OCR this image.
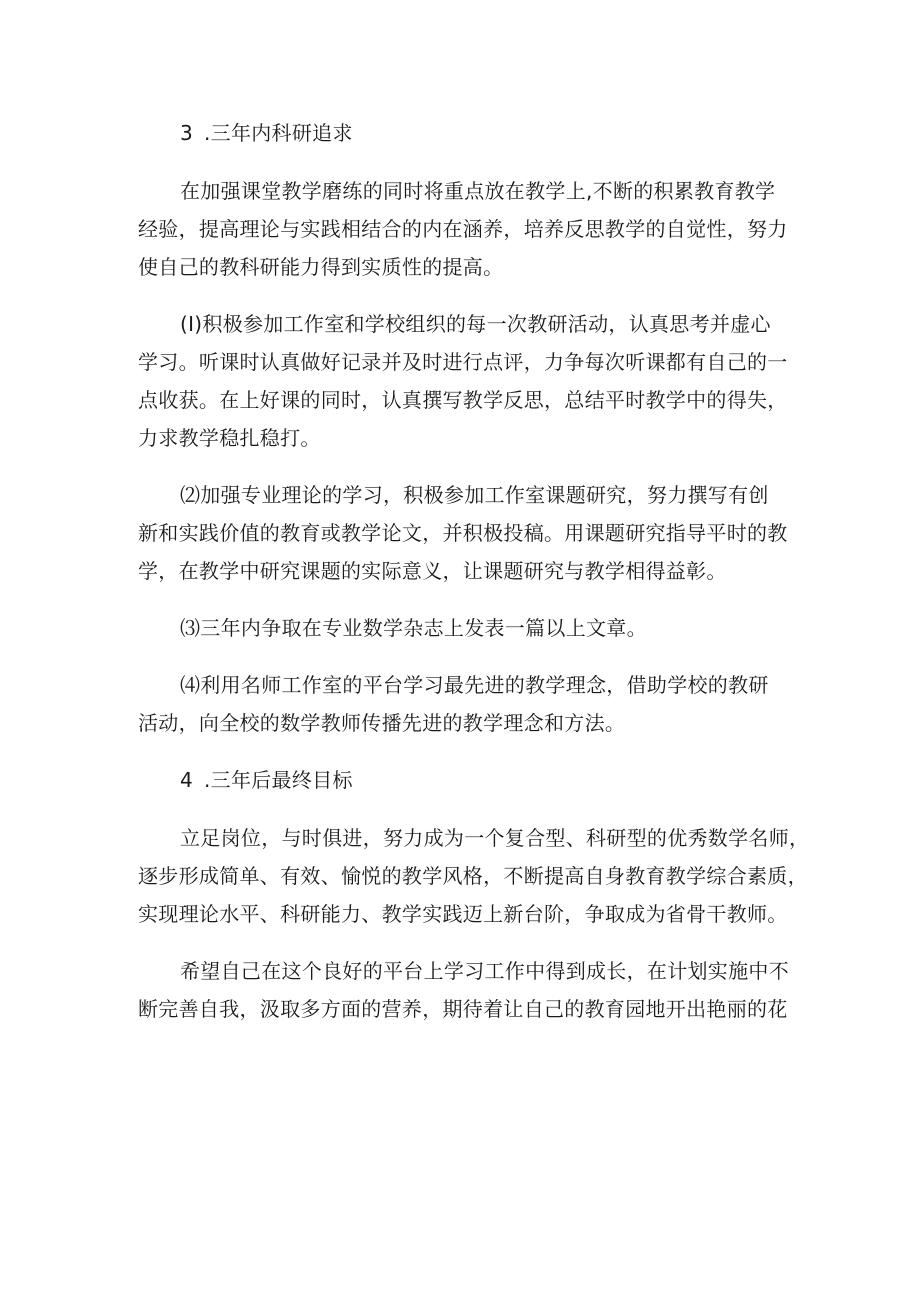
3 .三年内科研追求

在加强课堂教学磨练的同时将重点放在教学上,不断的积累教育教学
经验，提高理论与实践相结合的内在涵养，培养反思教学的自觉性，努力
使自己的教科研能力得到实质性的提高。

(I)积极参加工作室和学校组织的每一次教研活动，认真思考并虚心
学习。听课时认真做好记录并及时进行点评，力争每次听课都有自己的一
点收获。在上好课的同时，认真撰写教学反思，总结平时教学中的得失，
力求教学稳扎稳打。

⑵加强专业理论的学习，积极参加工作室课题研究，努力撰写有创
新和实践价值的教育或教学论文，并积极投稿。用课题研究指导平时的教
学，在教学中研究课题的实际意义，让课题研究与教学相得益彰。

⑶三年内争取在专业数学杂志上发表一篇以上文章。

⑷利用名师工作室的平台学习最先进的教学理念，借助学校的教研
活动，向全校的数学教师传播先进的教学理念和方法。

4 .三年后最终目标

立足岗位，与时俱进，努力成为一个复合型、科研型的优秀数学名师，
逐步形成简单、有效、愉悦的教学风格，不断提高自身教育教学综合素质，
实现理论水平、科研能力、教学实践迈上新台阶，争取成为省骨干教师。

希望自己在这个良好的平台上学习工作中得到成长，在计划实施中不
断完善自我，汲取多方面的营养，期待着让自己的教育园地开出艳丽的花
